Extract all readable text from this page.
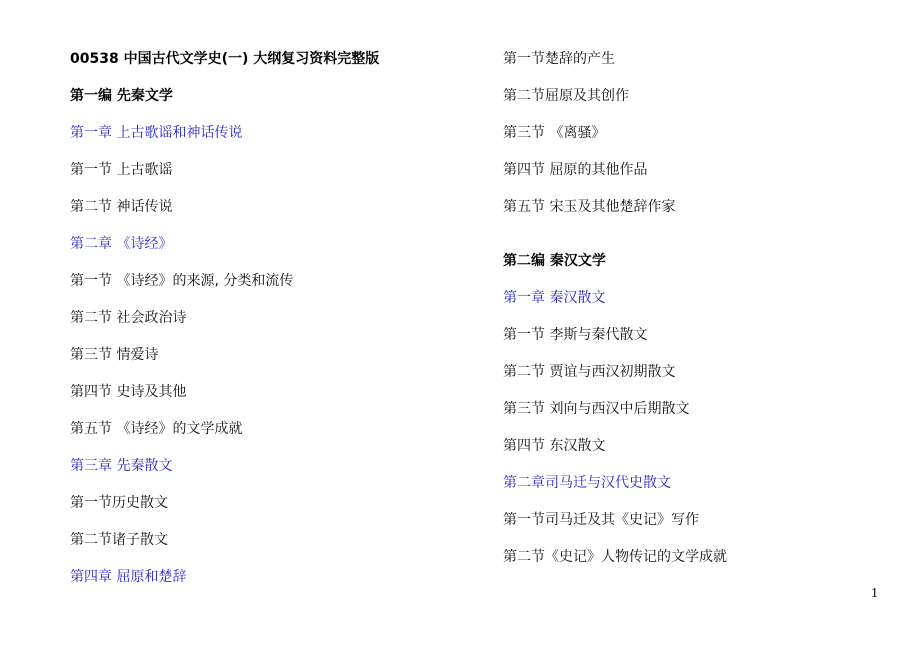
00538 中国古代文学史(一) 大纲复习资料完整版
第一编 先秦文学
第一章 上古歌谣和神话传说
第一节 上古歌谣
第二节 神话传说
第二章 《诗经》
第一节 《诗经》的来源, 分类和流传
第二节 社会政治诗
第三节 情爱诗
第四节 史诗及其他
第五节 《诗经》的文学成就
第三章 先秦散文
第一节历史散文
第二节诸子散文
第四章 屈原和楚辞
第一节楚辞的产生
第二节屈原及其创作
第三节 《离骚》
第四节 屈原的其他作品
第五节 宋玉及其他楚辞作家
第二编 秦汉文学
第一章 秦汉散文
第一节 李斯与秦代散文
第二节 贾谊与西汉初期散文
第三节 刘向与西汉中后期散文
第四节 东汉散文
第二章司马迁与汉代史散文
第一节司马迁及其《史记》写作
第二节《史记》人物传记的文学成就
1
